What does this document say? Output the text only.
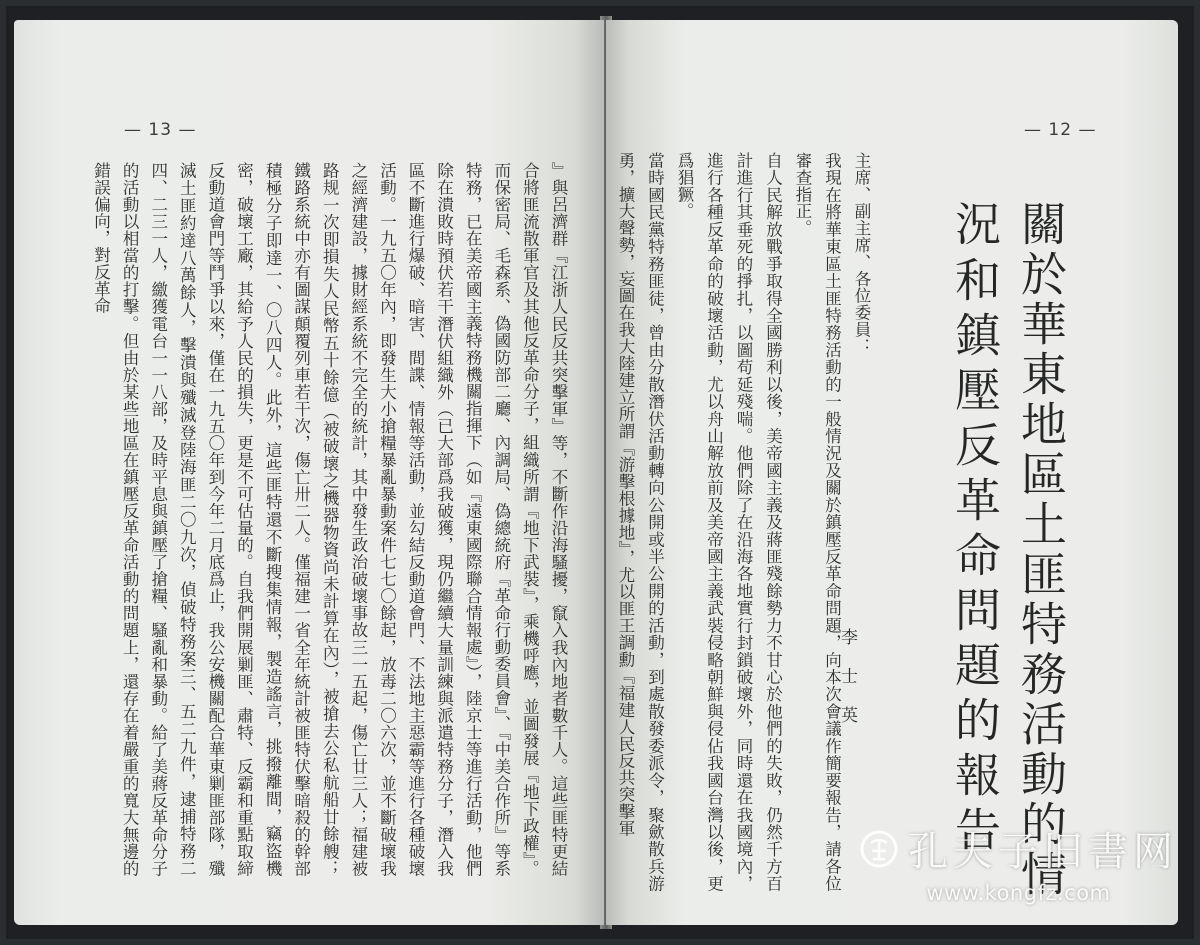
— 13 —
』與呂濟群『江浙人民反共突擊軍』等，不斷作沿海騷擾，竄入我內地者數千人。這些匪特更結合將匪流散軍官及其他反革命分子，組織所謂『地下武裝』，乘機呼應，並圖發展『地下政權』。而保密局、毛森系、偽國防部二廳、內調局、偽總統府『革命行動委員會』、『中美合作所』等系特務，已在美帝國主義特務機關指揮下（如『遠東國際聯合情報處』），陸京士等進行活動，他們除在潰敗時預伏若干潛伏組織外（已大部爲我破獲，現仍繼續大量訓練與派遣特務分子，潛入我區不斷進行爆破、暗害、間諜、情報等活動，並勾結反動道會門、不法地主惡霸等進行各種破壞活動。一九五〇年內，即發生大小搶糧暴亂暴動案件七七〇餘起，放毒二〇六次，並不斷破壞我之經濟建設，據財經系統不完全的統計，其中發生政治破壞事故三一五起，傷亡廿三人；福建被路规一次即損失人民幣五十餘億（被破壞之機器物資尚未計算在內），被搶去公私航船廿餘艘；鐵路系統中亦有圖謀顛覆列車若干次，傷亡卅二人。僅福建一省全年統計被匪特伏擊暗殺的幹部積極分子即達一、〇八四人。此外，這些匪特還不斷搜集情報，製造謠言，挑撥離間，竊盜機密，破壞工廠，其給予人民的損失，更是不可估量的。自我們開展剿匪、肅特、反霸和重點取締反動道會門等鬥爭以來，僅在一九五〇年到今年二月底爲止，我公安機關配合華東剿匪部隊，殲滅土匪約達八萬餘人，擊潰與殲滅登陸海匪二〇九次，偵破特務案三、五二九件，逮捕特務二四、二三一人，繳獲電台一一八部，及時平息與鎮壓了搶糧、騷亂和暴動。給了美蔣反革命分子的活動以相當的打擊。但由於某些地區在鎮壓反革命活動的問題上，還存在着嚴重的寬大無邊的錯誤偏向，對反革命
— 12 —
關於華東地區土匪特務活動的情況
和鎮壓反革命問題的報告
李士英
主席、副主席、各位委員：
我現在將華東區土匪特務活動的一般情況及關於鎮壓反革命問題，向本次會議作簡要報告，請各位審查指正。
自人民解放戰爭取得全國勝利以後，美帝國主義及蔣匪殘餘勢力不甘心於他們的失敗，仍然千方百計進行其垂死的掙扎，以圖苟延殘喘。他們除了在沿海各地實行封鎖破壞外，同時還在我國境內，進行各種反革命的破壞活動，尤以舟山解放前及美帝國主義武裝侵略朝鮮與侵佔我國台灣以後，更爲猖獗。
當時國民黨特務匪徒，曾由分散潛伏活動轉向公開或半公開的活動，到處散發委派令，聚歛散兵游勇，擴大聲勢，妄圖在我大陸建立所謂『游擊根據地』，尤以匪王調勳『福建人民反共突擊軍
孔夫子旧書网
www.kongfz.com
